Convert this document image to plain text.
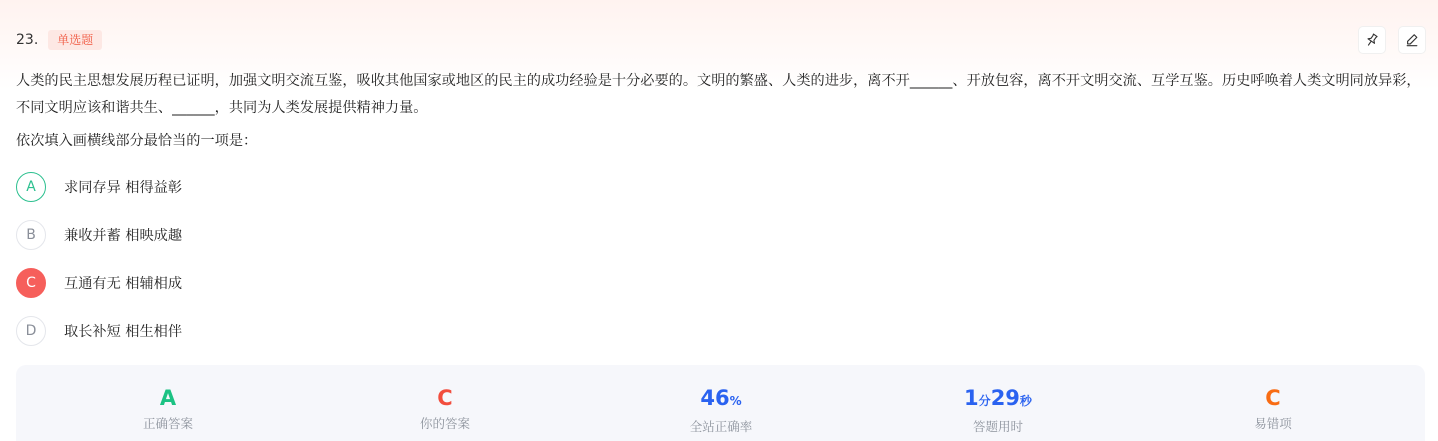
23.	单选题
人类的民主思想发展历程已证明，加强文明交流互鉴，吸收其他国家或地区的民主的成功经验是十分必要的。文明的繁盛、人类的进步，离不开______、开放包容，离不开文明交流、互学互鉴。历史呼唤着人类文明同放异彩，不同文明应该和谐共生、______，共同为人类发展提供精神力量。
依次填入画横线部分最恰当的一项是：
A	求同存异 相得益彰
B	兼收并蓄 相映成趣
C	互通有无 相辅相成
D	取长补短 相生相伴
A
正确答案
C
你的答案
46%
全站正确率
1分29秒
答题用时
C
易错项
